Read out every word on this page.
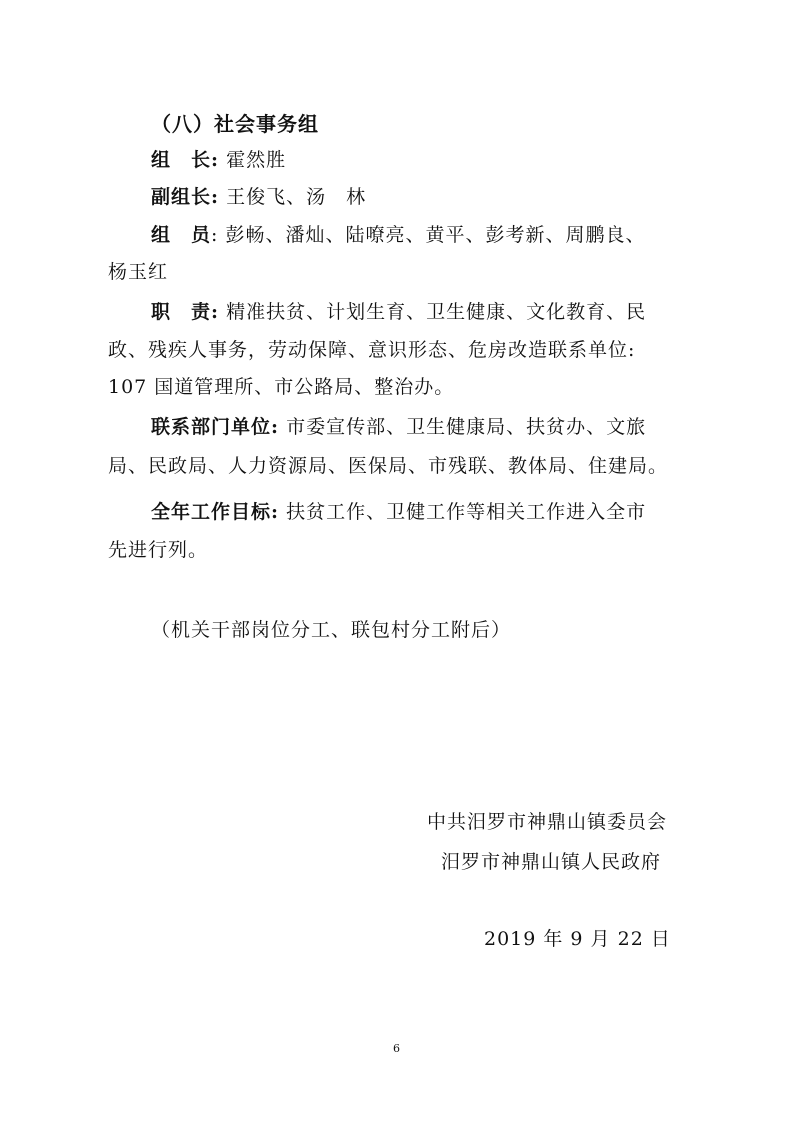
（八）社会事务组
组　长: 霍然胜
副组长: 王俊飞、汤　林
组　员: 彭畅、潘灿、陆嘹亮、黄平、彭考新、周鹏良、
杨玉红
职　责: 精准扶贫、计划生育、卫生健康、文化教育、民
政、残疾人事务，劳动保障、意识形态、危房改造联系单位:
107 国道管理所、市公路局、整治办。
联系部门单位: 市委宣传部、卫生健康局、扶贫办、文旅
局、民政局、人力资源局、医保局、市残联、教体局、住建局。
全年工作目标: 扶贫工作、卫健工作等相关工作进入全市
先进行列。
（机关干部岗位分工、联包村分工附后）
中共汨罗市神鼎山镇委员会
汨罗市神鼎山镇人民政府
2019 年 9 月 22 日
6
